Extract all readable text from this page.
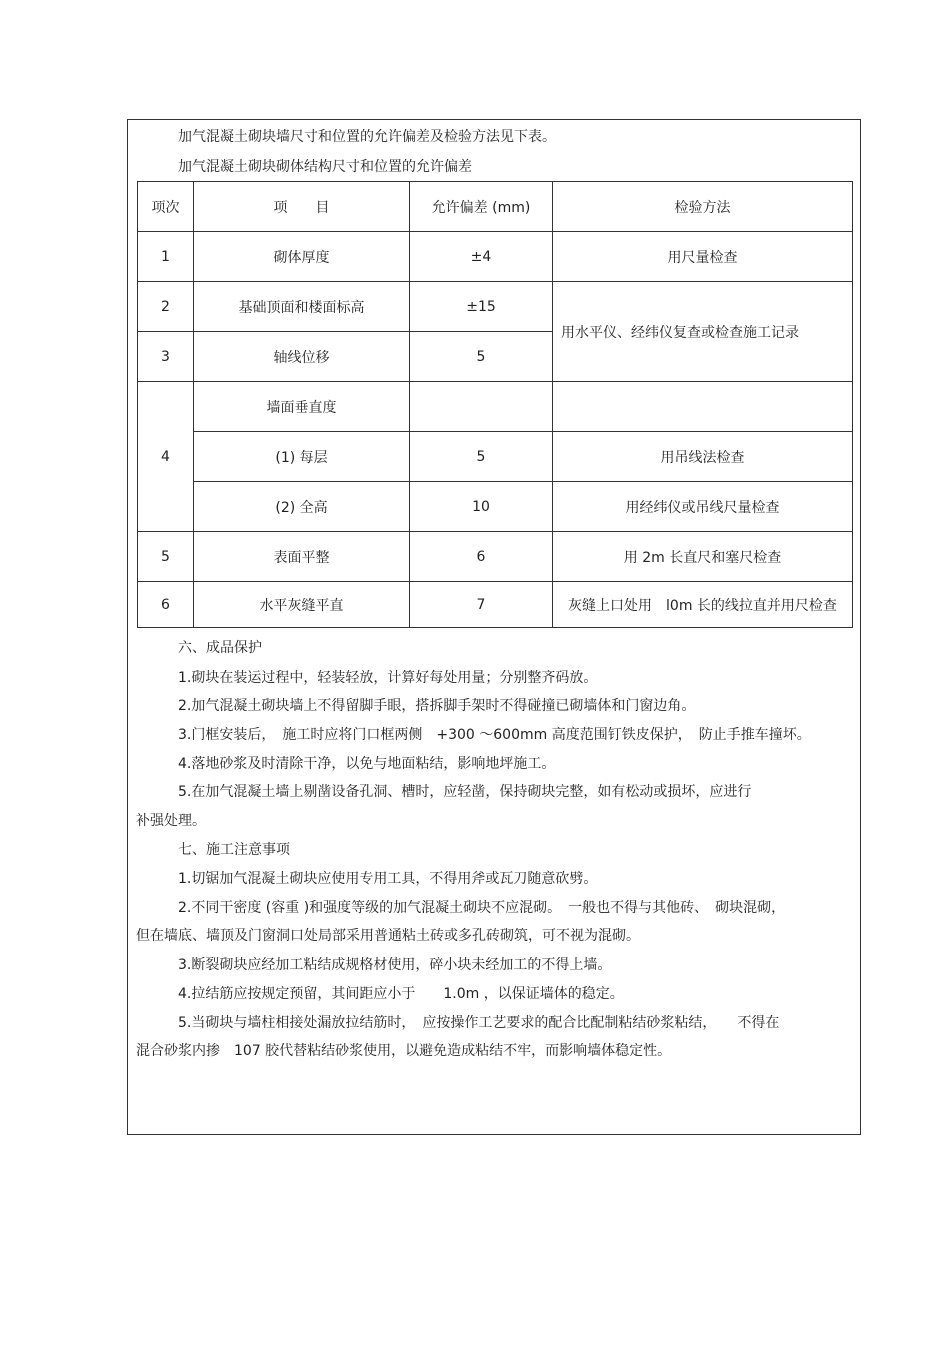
加气混凝土砌块墙尺寸和位置的允许偏差及检验方法见下表。
加气混凝土砌块砌体结构尺寸和位置的允许偏差
项次	项　　目	允许偏差 (mm)	检验方法
1	砌体厚度	±4	用尺量检查
2	基础顶面和楼面标高	±15	用水平仪、经纬仪复查或检查施工记录
3	轴线位移	5	
4	墙面垂直度		
	(1) 每层	5	用吊线法检查
	(2) 全高	10	用经纬仪或吊线尺量检查
5	表面平整	6	用 2m 长直尺和塞尺检查
6	水平灰缝平直	7	灰缝上口处用　l0m 长的线拉直并用尺检查
六、成品保护
1.砌块在装运过程中，轻装轻放，计算好每处用量；分别整齐码放。
2.加气混凝土砌块墙上不得留脚手眼，搭拆脚手架时不得碰撞已砌墙体和门窗边角。
3.门框安装后，　施工时应将门口框两侧　+300 ～600mm 高度范围钉铁皮保护，　防止手推车撞坏。
4.落地砂浆及时清除干净，以免与地面粘结，影响地坪施工。
5.在加气混凝土墙上剔凿设备孔洞、槽时，应轻凿，保持砌块完整，如有松动或损坏，应进行
补强处理。
七、施工注意事项
1.切锯加气混凝土砌块应使用专用工具，不得用斧或瓦刀随意砍劈。
2.不同干密度 (容重 )和强度等级的加气混凝土砌块不应混砌。　一般也不得与其他砖、　砌块混砌，
但在墙底、墙顶及门窗洞口处局部采用普通粘土砖或多孔砖砌筑，可不视为混砌。
3.断裂砌块应经加工粘结成规格材使用，碎小块未经加工的不得上墙。
4.拉结筋应按规定预留，其间距应小于　　1.0m ，以保证墙体的稳定。
5.当砌块与墙柱相接处漏放拉结筋时，　应按操作工艺要求的配合比配制粘结砂浆粘结，　　不得在
混合砂浆内掺　107 胶代替粘结砂浆使用，以避免造成粘结不牢，而影响墙体稳定性。
